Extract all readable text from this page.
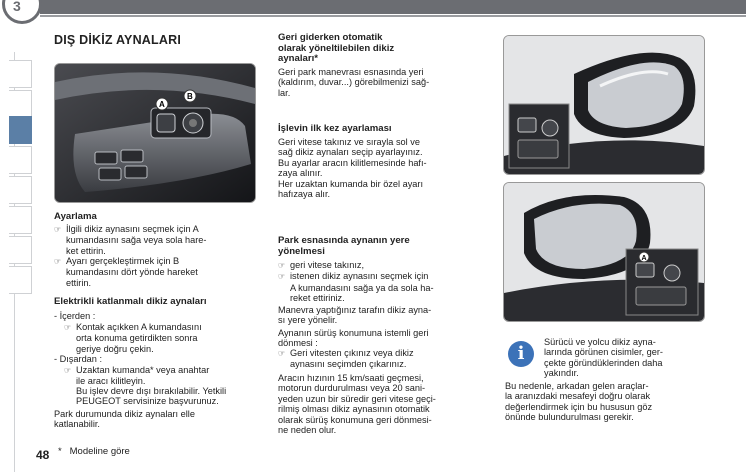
3
DIŞ DİKİZ AYNALARI
A
B
Ayarlama
☞ İlgili dikiz aynasını seçmek için A
kumandasını sağa veya sola hare-
ket ettirin.
☞ Ayarı gerçekleştirmek için B
kumandasını dört yönde hareket
ettirin.
Elektrikli katlanmalı dikiz aynaları
- İçerden :
☞ Kontak açıkken A kumandasını
orta konuma getirdikten sonra
geriye doğru çekin.
- Dışardan :
☞ Uzaktan kumanda* veya anahtar
ile aracı kilitleyin.
Bu işlev devre dışı bırakılabilir. Yetkili
PEUGEOT servisinize başvurunuz.
Park durumunda dikiz aynaları elle
katlanabilir.
Geri giderken otomatik
olarak yöneltilebilen dikiz
aynaları*
Geri park manevrası esnasında yeri
(kaldırım, duvar...) görebilmenizi sağ-
lar.
İşlevin ilk kez ayarlaması
Geri vitese takınız ve sırayla sol ve
sağ dikiz aynaları seçip ayarlayınız.
Bu ayarlar aracın kilitlemesinde hafı-
zaya alınır.
Her uzaktan kumanda bir özel ayarı
hafızaya alır.
Park esnasında aynanın yere
yönelmesi
☞ geri vitese takınız,
☞ istenen dikiz aynasını seçmek için
A kumandasını sağa ya da sola ha-
reket ettiriniz.
Manevra yaptığınız tarafın dikiz ayna-
sı yere yönelir.
Aynanın sürüş konumuna istemli geri
dönmesi :
☞ Geri vitesten çıkınız veya dikiz
aynasını seçimden çıkarınız.
Aracın hızının 15 km/saati geçmesi,
motorun durdurulması veya 20 sani-
yeden uzun bir süredir geri vitese geçi-
rilmiş olması dikiz aynasının otomatik
olarak sürüş konumuna geri dönmesi-
ne neden olur.
A
i
Sürücü ve yolcu dikiz ayna-
larında görünen cisimler, ger-
çekte göründüklerinden daha
yakındır.
Bu nedenle, arkadan gelen araçlar-
la aranızdaki mesafeyi doğru olarak
değerlendirmek için bu hususun göz
önünde bulundurulması gerekir.
48 * Modeline göre
